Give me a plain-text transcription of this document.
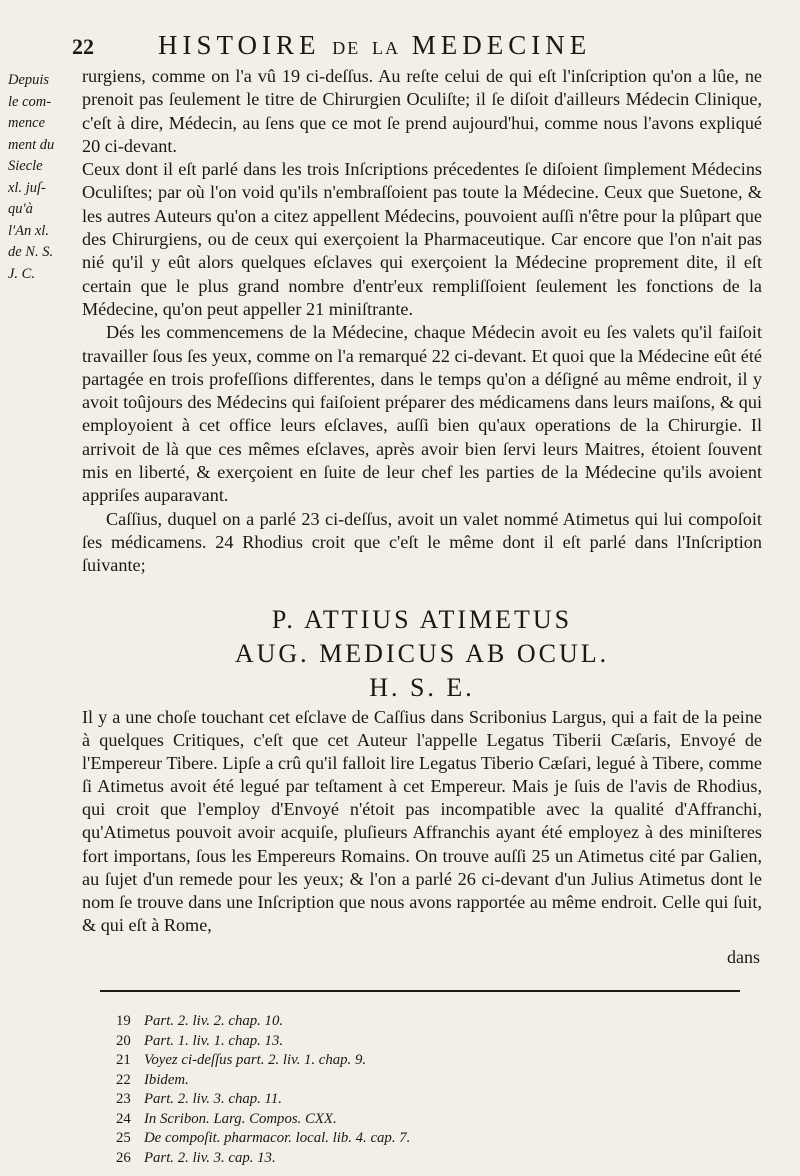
22 HISTOIRE DE LA MEDECINE
Depuis
le com-
mence
ment du
Siecle
xl. juſ-
qu'à
l'An xl.
de N. S.
J. C.

rurgiens, comme on l'a vû 19 ci-deſſus. Au reſte celui de qui eſt l'inſcription qu'on a lûe, ne prenoit pas ſeulement le titre de Chirurgien Oculiſte; il ſe diſoit d'ailleurs Médecin Clinique, c'eſt à dire, Médecin, au ſens que ce mot ſe prend aujourd'hui, comme nous l'avons expliqué 20 ci-devant.

Ceux dont il eſt parlé dans les trois Inſcriptions précedentes ſe diſoient ſimplement Médecins Oculiſtes; par où l'on void qu'ils n'embraſſoient pas toute la Médecine. Ceux que Suetone, & les autres Auteurs qu'on a citez appellent Médecins, pouvoient auſſi n'être pour la plûpart que des Chirurgiens, ou de ceux qui exerçoient la Pharmaceutique. Car encore que l'on n'ait pas nié qu'il y eût alors quelques eſclaves qui exerçoient la Médecine proprement dite, il eſt certain que le plus grand nombre d'entr'eux rempliſſoient ſeulement les fonctions de la Médecine, qu'on peut appeller 21 miniſtrante.

Dés les commencemens de la Médecine, chaque Médecin avoit eu ſes valets qu'il faiſoit travailler ſous ſes yeux, comme on l'a remarqué 22 ci-devant. Et quoi que la Médecine eût été partagée en trois profeſſions differentes, dans le temps qu'on a déſigné au même endroit, il y avoit toûjours des Médecins qui faiſoient préparer des médicamens dans leurs maiſons, & qui employoient à cet office leurs eſclaves, auſſi bien qu'aux operations de la Chirurgie. Il arrivoit de là que ces mêmes eſclaves, après avoir bien ſervi leurs Maitres, étoient ſouvent mis en liberté, & exerçoient en ſuite de leur chef les parties de la Médecine qu'ils avoient appriſes auparavant.

Caſſius, duquel on a parlé 23 ci-deſſus, avoit un valet nommé Atimetus qui lui compoſoit ſes médicamens. 24 Rhodius croit que c'eſt le même dont il eſt parlé dans l'Inſcription ſuivante;

P. ATTIUS ATIMETUS
AUG. MEDICUS AB OCUL.
H. S. E.

Il y a une choſe touchant cet eſclave de Caſſius dans Scribonius Largus, qui a fait de la peine à quelques Critiques, c'eſt que cet Auteur l'appelle Legatus Tiberii Cæſaris, Envoyé de l'Empereur Tibere. Lipſe a crû qu'il falloit lire Legatus Tiberio Cæſari, legué à Tibere, comme ſi Atimetus avoit été legué par teſtament à cet Empereur. Mais je ſuis de l'avis de Rhodius, qui croit que l'employ d'Envoyé n'étoit pas incompatible avec la qualité d'Affranchi, qu'Atimetus pouvoit avoir acquiſe, pluſieurs Affranchis ayant été employez à des miniſteres fort importans, ſous les Empereurs Romains. On trouve auſſi 25 un Atimetus cité par Galien, au ſujet d'un remede pour les yeux; & l'on a parlé 26 ci-devant d'un Julius Atimetus dont le nom ſe trouve dans une Inſcription que nous avons rapportée au même endroit. Celle qui ſuit, & qui eſt à Rome,

dans
19 Part. 2. liv. 2. chap. 10.
20 Part. 1. liv. 1. chap. 13.
21 Voyez ci-deſſus part. 2. liv. 1. chap. 9.
22 Ibidem.
23 Part. 2. liv. 3. chap. 11.
24 In Scribon. Larg. Compos. CXX.
25 De compoſit. pharmacor. local. lib. 4. cap. 7.
26 Part. 2. liv. 3. cap. 13.
